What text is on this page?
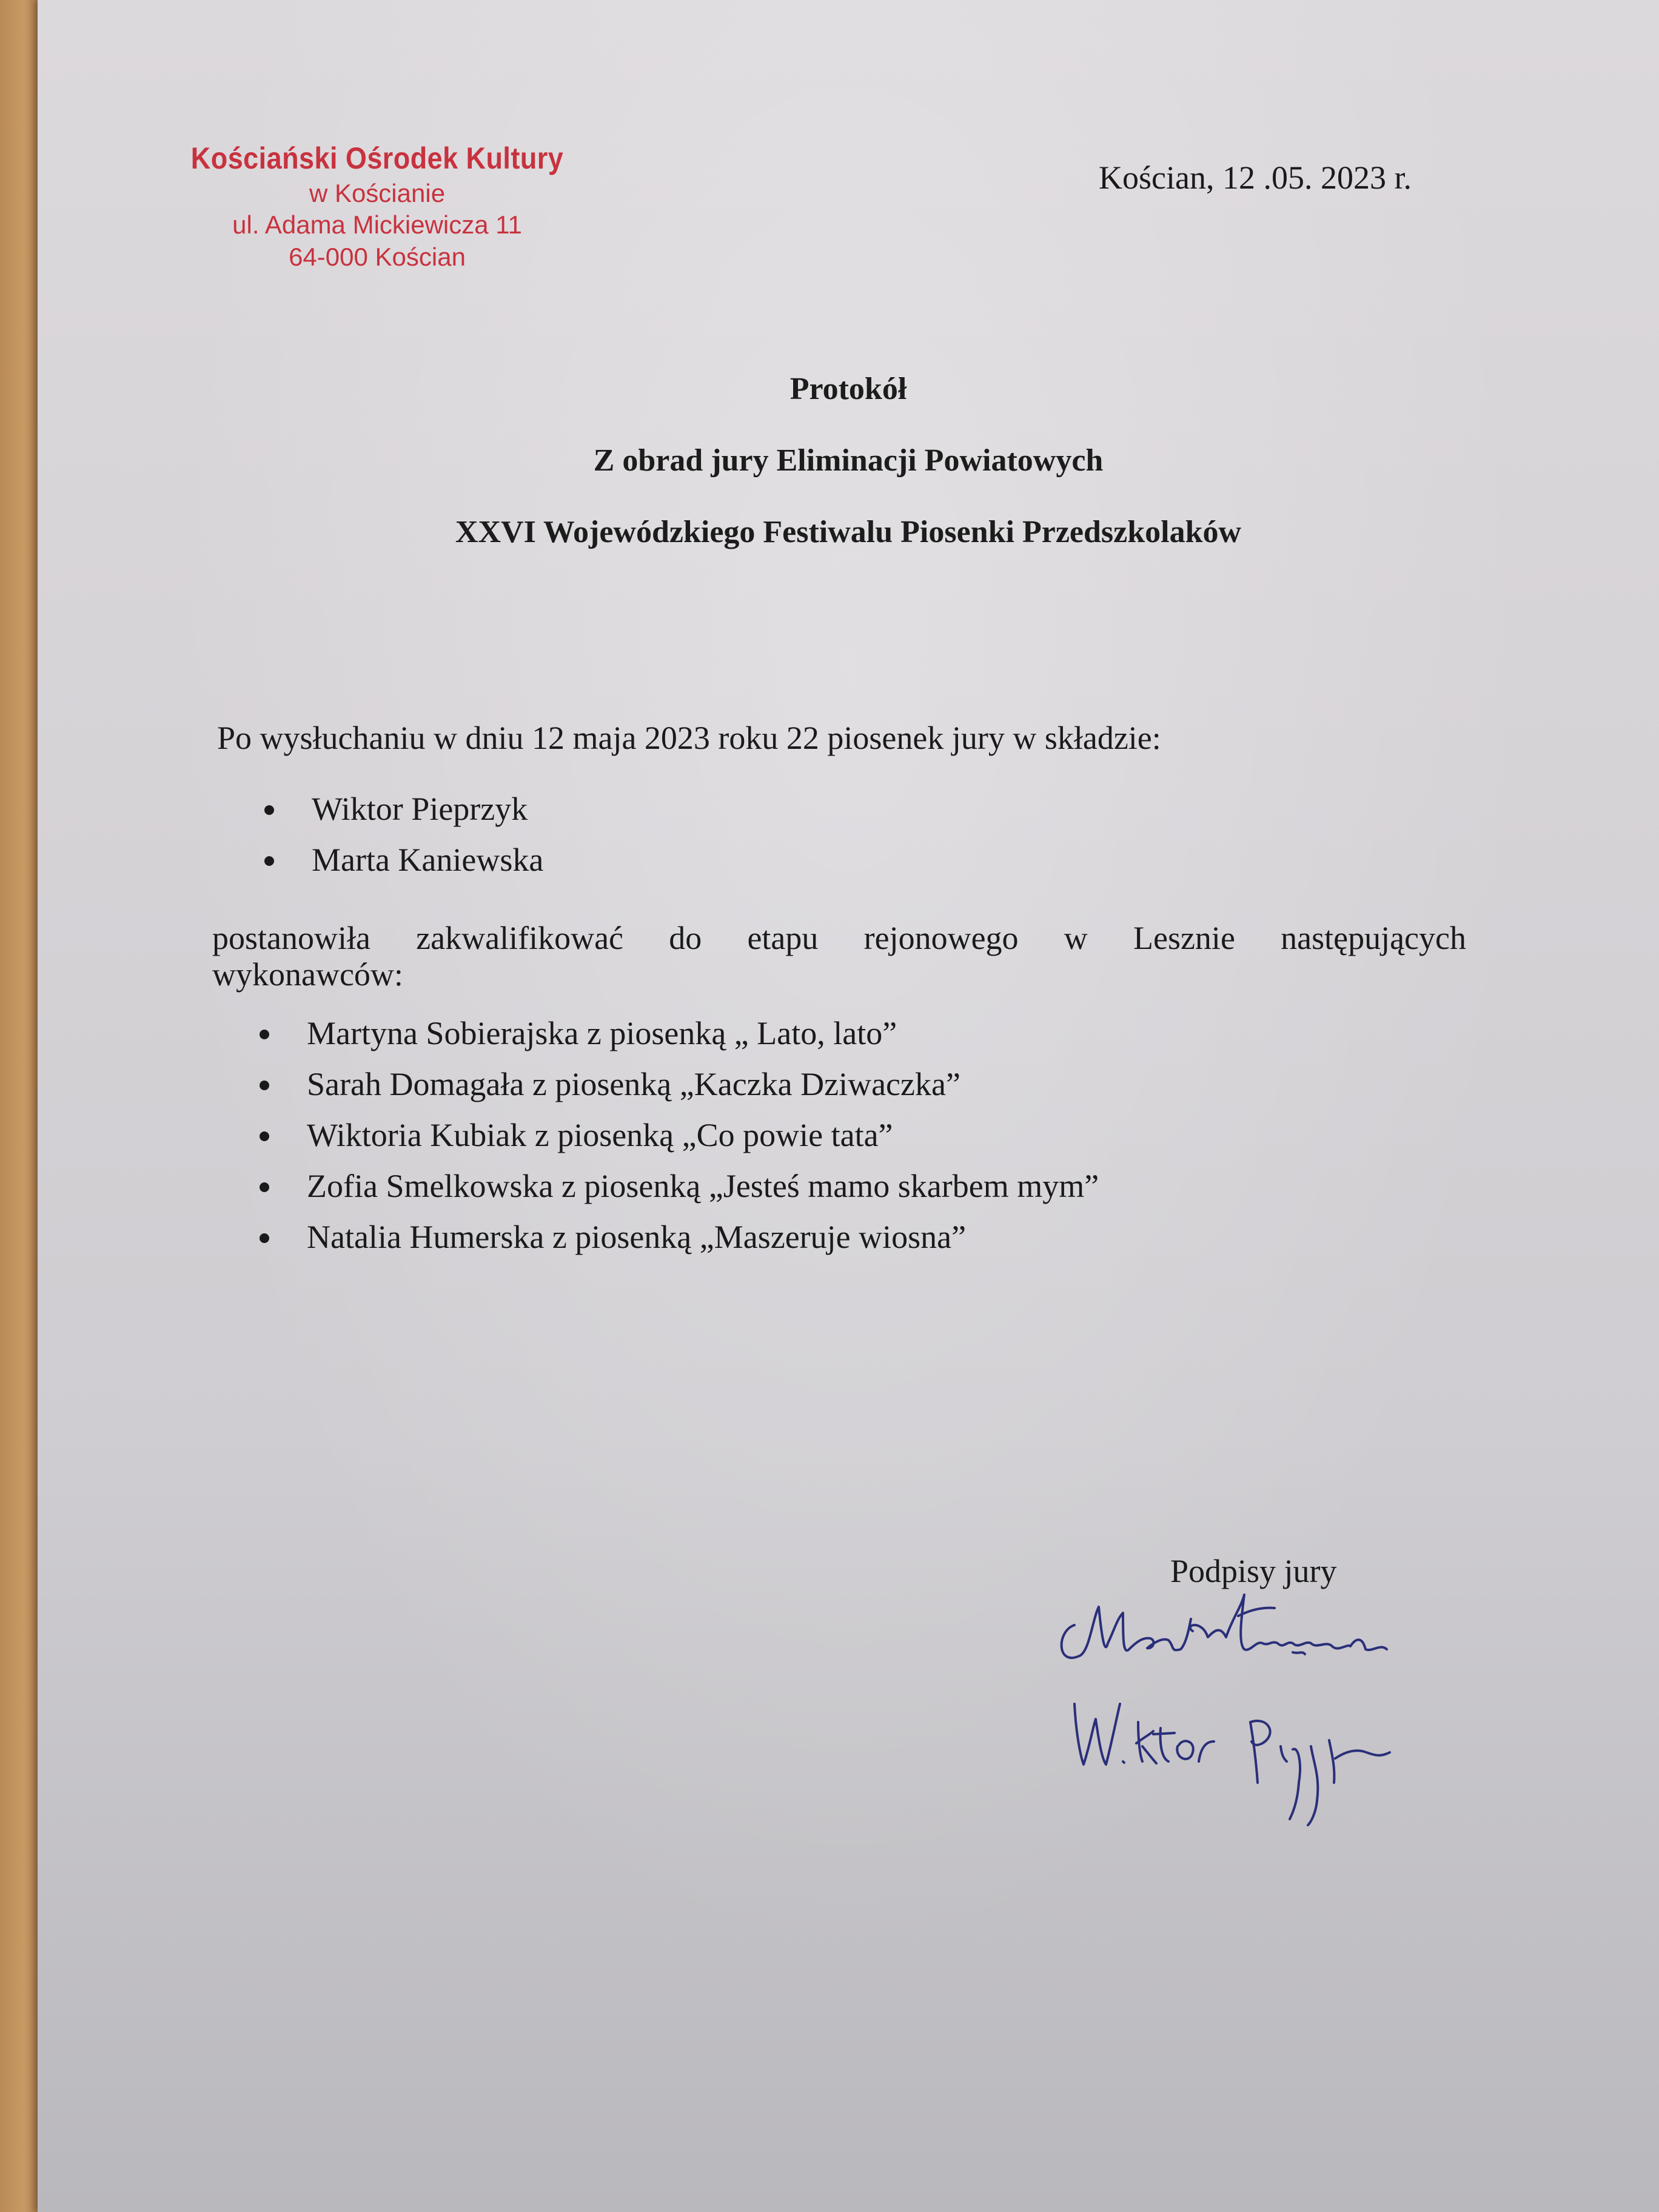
Kościański Ośrodek Kultury
w Kościanie
ul. Adama Mickiewicza 11
64-000 Kościan
Kościan, 12 .05. 2023 r.
Protokół
Z obrad jury Eliminacji Powiatowych
XXVI Wojewódzkiego Festiwalu Piosenki Przedszkolaków
Po wysłuchaniu w dniu 12 maja 2023 roku 22 piosenek jury w składzie:
Wiktor Pieprzyk
Marta Kaniewska
postanowiła zakwalifikować do etapu rejonowego w Lesznie następujących
wykonawców:
Martyna Sobierajska z piosenką „ Lato, lato”
Sarah Domagała z piosenką „Kaczka Dziwaczka”
Wiktoria Kubiak z piosenką „Co powie tata”
Zofia Smelkowska z piosenką „Jesteś mamo skarbem mym”
Natalia Humerska z piosenką „Maszeruje wiosna”
Podpisy jury
